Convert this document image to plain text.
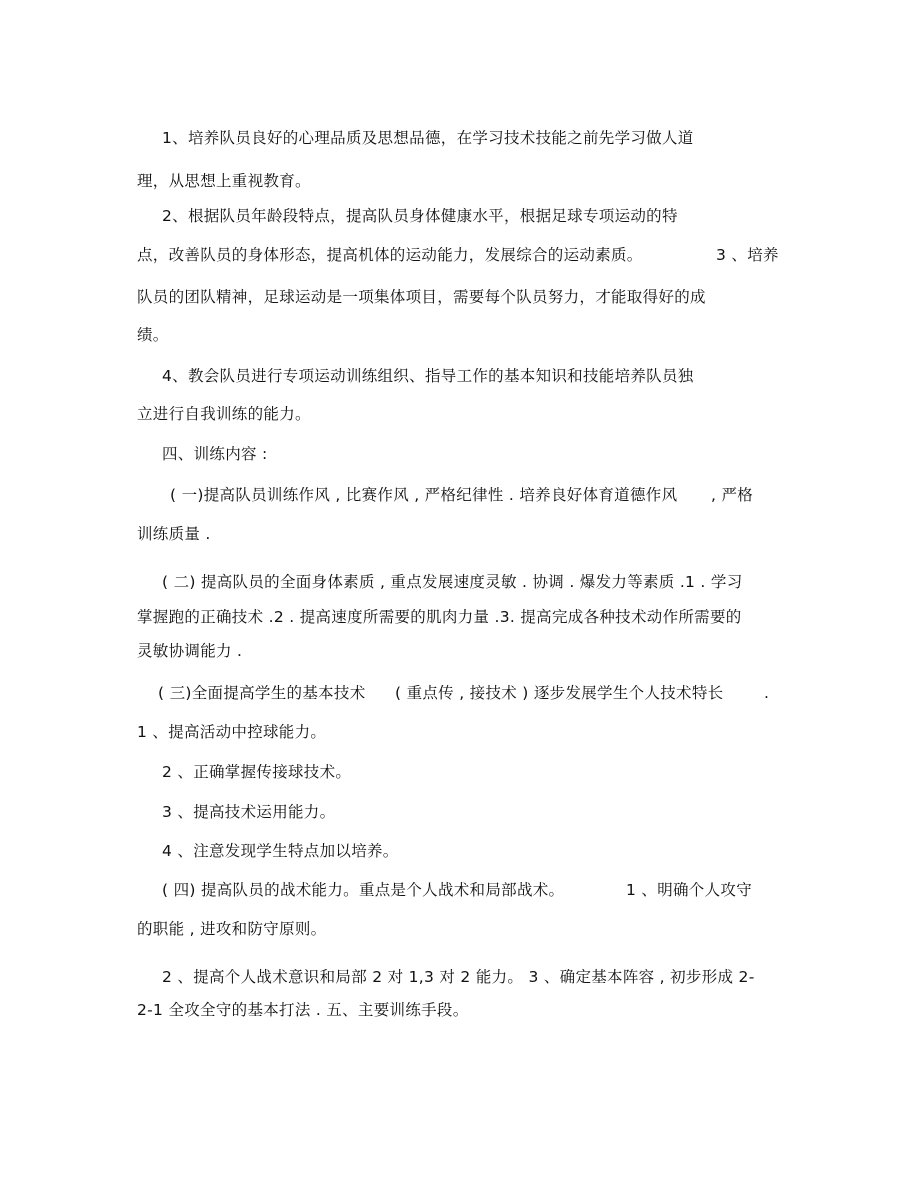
1、培养队员良好的心理品质及思想品德，在学习技术技能之前先学习做人道
理，从思想上重视教育。
2、根据队员年龄段特点，提高队员身体健康水平，根据足球专项运动的特
点，改善队员的身体形态，提高机体的运动能力，发展综合的运动素质。	3 、培养
队员的团队精神，足球运动是一项集体项目，需要每个队员努力，才能取得好的成
绩。
4、教会队员进行专项运动训练组织、指导工作的基本知识和技能培养队员独
立进行自我训练的能力。
四、训练内容 :
( 一)提高队员训练作风 , 比赛作风 , 严格纪律性 . 培养良好体育道德作风 , 严格
训练质量 .
( 二) 提高队员的全面身体素质 , 重点发展速度灵敏 . 协调 . 爆发力等素质 .1 . 学习
掌握跑的正确技术 .2 . 提高速度所需要的肌肉力量 .3. 提高完成各种技术动作所需要的
灵敏协调能力 .
( 三)全面提高学生的基本技术 ( 重点传 , 接技术 ) 逐步发展学生个人技术特长	.
1 、提高活动中控球能力。
2 、正确掌握传接球技术。
3 、提高技术运用能力。
4 、注意发现学生特点加以培养。
( 四) 提高队员的战术能力。重点是个人战术和局部战术。	1 、明确个人攻守
的职能 , 进攻和防守原则。
2 、提高个人战术意识和局部 2 对 1,3 对 2 能力。 3 、确定基本阵容 , 初步形成 2-
2-1 全攻全守的基本打法 . 五、主要训练手段。
